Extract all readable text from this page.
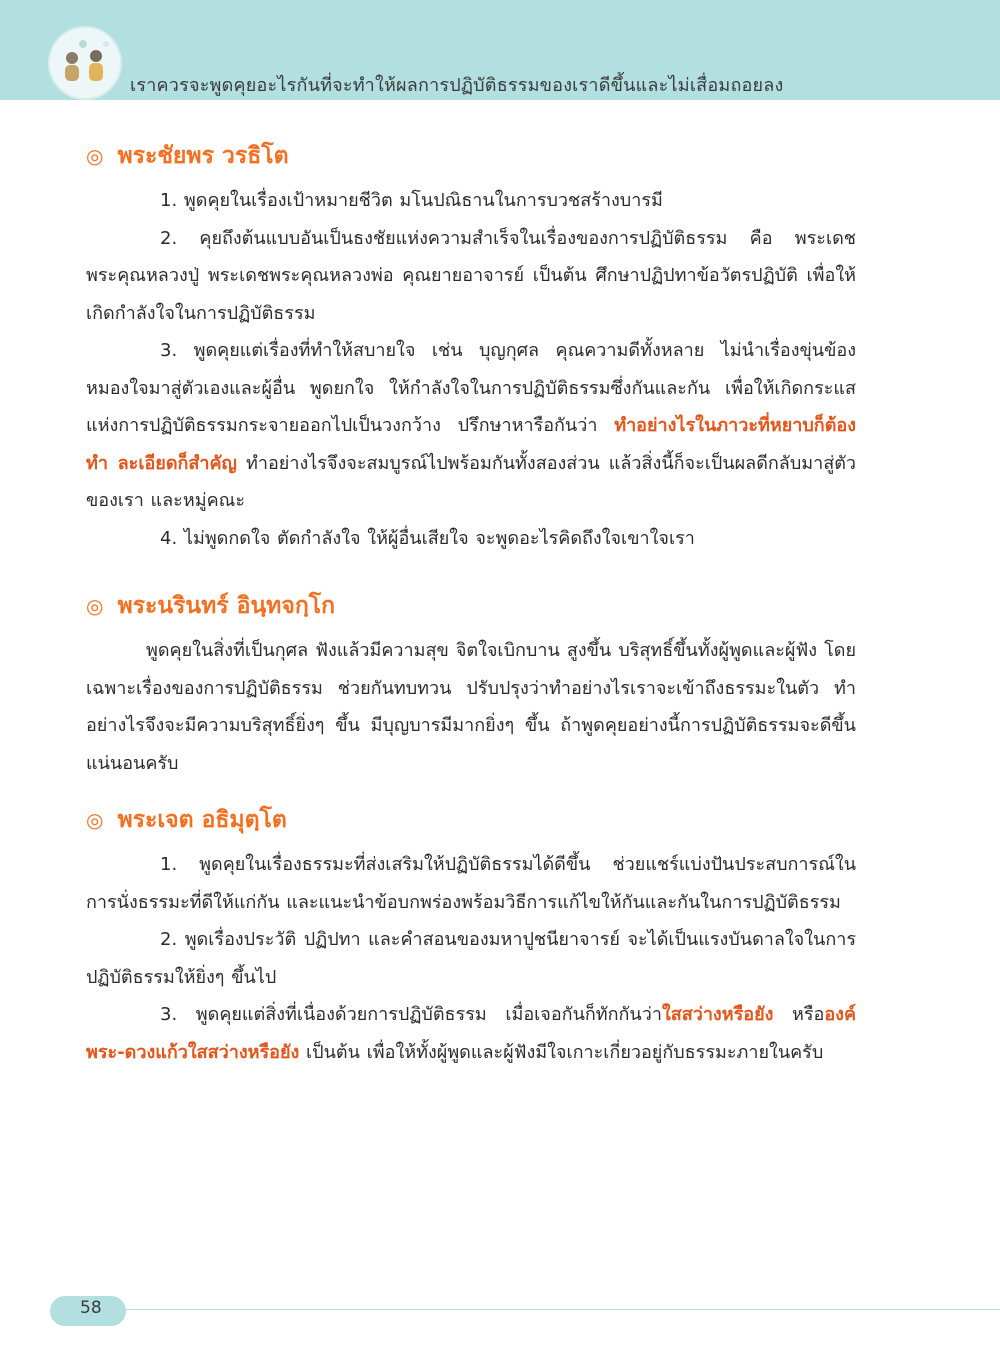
เราควรจะพูดคุยอะไรกันที่จะทำให้ผลการปฏิบัติธรรมของเราดีขึ้นและไม่เสื่อมถอยลง
◎ พระชัยพร วรธิโต

1. พูดคุยในเรื่องเป้าหมายชีวิต มโนปณิธานในการบวชสร้างบารมี

2. คุยถึงต้นแบบอันเป็นธงชัยแห่งความสำเร็จในเรื่องของการปฏิบัติธรรม คือ พระเดชพระคุณหลวงปู่ พระเดชพระคุณหลวงพ่อ คุณยายอาจารย์ เป็นต้น ศึกษาปฏิปทาข้อวัตรปฏิบัติ เพื่อให้เกิดกำลังใจในการปฏิบัติธรรม

3. พูดคุยแต่เรื่องที่ทำให้สบายใจ เช่น บุญกุศล คุณความดีทั้งหลาย ไม่นำเรื่องขุ่นข้องหมองใจมาสู่ตัวเองและผู้อื่น พูดยกใจ ให้กำลังใจในการปฏิบัติธรรมซึ่งกันและกัน เพื่อให้เกิดกระแสแห่งการปฏิบัติธรรมกระจายออกไปเป็นวงกว้าง ปรึกษาหารือกันว่า ทำอย่างไรในภาวะที่หยาบก็ต้องทำ ละเอียดก็สำคัญ ทำอย่างไรจึงจะสมบูรณ์ไปพร้อมกันทั้งสองส่วน แล้วสิ่งนี้ก็จะเป็นผลดีกลับมาสู่ตัวของเรา และหมู่คณะ

4. ไม่พูดกดใจ ตัดกำลังใจ ให้ผู้อื่นเสียใจ จะพูดอะไรคิดถึงใจเขาใจเรา

◎ พระนรินทร์ อินฺทจกฺโก

พูดคุยในสิ่งที่เป็นกุศล ฟังแล้วมีความสุข จิตใจเบิกบาน สูงขึ้น บริสุทธิ์ขึ้นทั้งผู้พูดและผู้ฟัง โดยเฉพาะเรื่องของการปฏิบัติธรรม ช่วยกันทบทวน ปรับปรุงว่าทำอย่างไรเราจะเข้าถึงธรรมะในตัว ทำอย่างไรจึงจะมีความบริสุทธิ์ยิ่งๆ ขึ้น มีบุญบารมีมากยิ่งๆ ขึ้น ถ้าพูดคุยอย่างนี้การปฏิบัติธรรมจะดีขึ้นแน่นอนครับ

◎ พระเจต อธิมุตฺโต

1. พูดคุยในเรื่องธรรมะที่ส่งเสริมให้ปฏิบัติธรรมได้ดีขึ้น ช่วยแชร์แบ่งปันประสบการณ์ในการนั่งธรรมะที่ดีให้แก่กัน และแนะนำข้อบกพร่องพร้อมวิธีการแก้ไขให้กันและกันในการปฏิบัติธรรม

2. พูดเรื่องประวัติ ปฏิปทา และคำสอนของมหาปูชนียาจารย์ จะได้เป็นแรงบันดาลใจในการปฏิบัติธรรมให้ยิ่งๆ ขึ้นไป

3. พูดคุยแต่สิ่งที่เนื่องด้วยการปฏิบัติธรรม เมื่อเจอกันก็ทักกันว่าใสสว่างหรือยัง หรือองค์พระ-ดวงแก้วใสสว่างหรือยัง เป็นต้น เพื่อให้ทั้งผู้พูดและผู้ฟังมีใจเกาะเกี่ยวอยู่กับธรรมะภายในครับ

58
